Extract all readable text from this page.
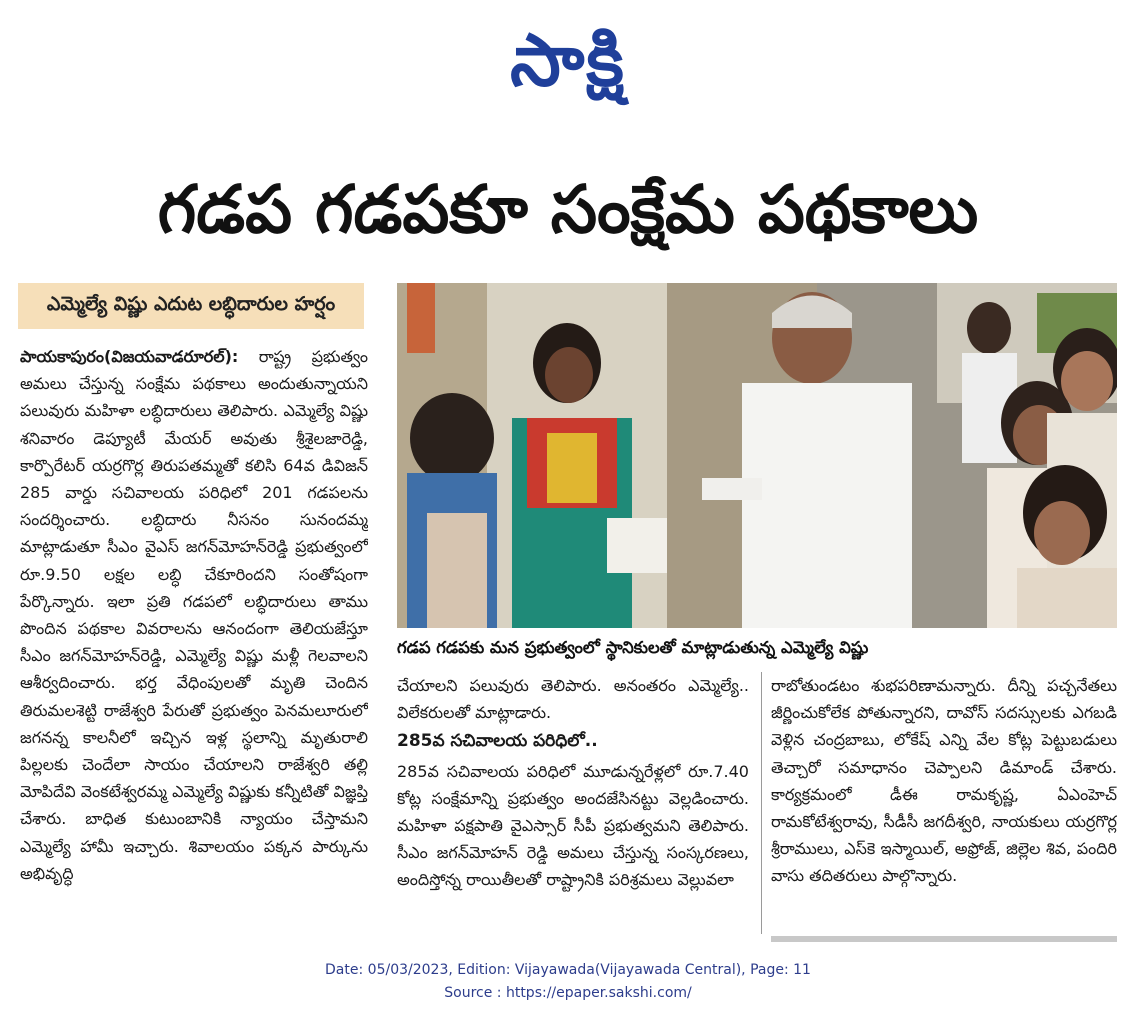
సాక్షి
గడప గడపకూ సంక్షేమ పథకాలు
ఎమ్మెల్యే విష్ణు ఎదుట లబ్ధిదారుల హర్షం
గడప గడపకు మన ప్రభుత్వంలో స్థానికులతో మాట్లాడుతున్న ఎమ్మెల్యే విష్ణు

పాయకాపురం(విజయవాడరూరల్): రాష్ట్ర ప్రభుత్వం అమలు చేస్తున్న సంక్షేమ పథకాలు అందుతున్నాయని పలువురు మహిళా లబ్ధిదారులు తెలిపారు. ఎమ్మెల్యే విష్ణు శనివారం డెప్యూటీ మేయర్ అవుతు శ్రీశైలజారెడ్డి, కార్పొరేటర్ యర్రగొర్ల తిరుపతమ్మతో కలిసి 64వ డివిజన్ 285 వార్డు సచివాలయ పరిధిలో 201 గడపలను సందర్శించారు. లబ్ధిదారు నీసనం సునందమ్మ మాట్లాడుతూ సీఎం వైఎస్ జగన్‌మోహన్‌రెడ్డి ప్రభుత్వంలో రూ.9.50 లక్షల లబ్ధి చేకూరిందని సంతోషంగా పేర్కొన్నారు. ఇలా ప్రతి గడపలో లబ్ధిదారులు తాము పొందిన పథకాల వివరాలను ఆనందంగా తెలియజేస్తూ సీఎం జగన్‌మోహన్‌రెడ్డి, ఎమ్మెల్యే విష్ణు మళ్లీ గెలవాలని ఆశీర్వదించారు. భర్త వేధింపులతో మృతి చెందిన తిరుమలశెట్టి రాజేశ్వరి పేరుతో ప్రభుత్వం పెనమలూరులో జగనన్న కాలనీలో ఇచ్చిన ఇళ్ల స్థలాన్ని మృతురాలి పిల్లలకు చెందేలా సాయం చేయాలని రాజేశ్వరి తల్లి మోపిదేవి వెంకటేశ్వరమ్మ ఎమ్మెల్యే విష్ణుకు కన్నీటితో విజ్ఞప్తి చేశారు. బాధిత కుటుంబానికి న్యాయం చేస్తామని ఎమ్మెల్యే హామీ ఇచ్చారు. శివాలయం పక్కన పార్కును అభివృద్ధి

చేయాలని పలువురు తెలిపారు. అనంతరం ఎమ్మెల్యే.. విలేకరులతో మాట్లాడారు.

285వ సచివాలయ పరిధిలో..

285వ సచివాలయ పరిధిలో మూడున్నరేళ్లలో రూ.7.40 కోట్ల సంక్షేమాన్ని ప్రభుత్వం అందజేసినట్టు వెల్లడించారు. మహిళా పక్షపాతి వైఎస్సార్ సీపీ ప్రభుత్వమని తెలిపారు. సీఎం జగన్‌మోహన్ రెడ్డి అమలు చేస్తున్న సంస్కరణలు, అందిస్తోన్న రాయితీలతో రాష్ట్రానికి పరిశ్రమలు వెల్లువలా

రాబోతుండటం శుభపరిణామన్నారు. దీన్ని పచ్చనేతలు జీర్ణించుకోలేక పోతున్నారని, దావోస్ సదస్సులకు ఎగబడి వెళ్లిన చంద్రబాబు, లోకేష్ ఎన్ని వేల కోట్ల పెట్టుబడులు తెచ్చారో సమాధానం చెప్పాలని డిమాండ్ చేశారు. కార్యక్రమంలో డీఈ రామకృష్ణ, ఏఎంహెచ్ రామకోటేశ్వరావు, సీడీసీ జగదీశ్వరి, నాయకులు యర్రగొర్ల శ్రీరాములు, ఎస్‌కె ఇస్మాయిల్, అఫ్రోజ్, జిల్లెల శివ, పందిరి వాసు తదితరులు పాల్గొన్నారు.

Date: 05/03/2023, Edition: Vijayawada(Vijayawada Central), Page: 11
Source : https://epaper.sakshi.com/
